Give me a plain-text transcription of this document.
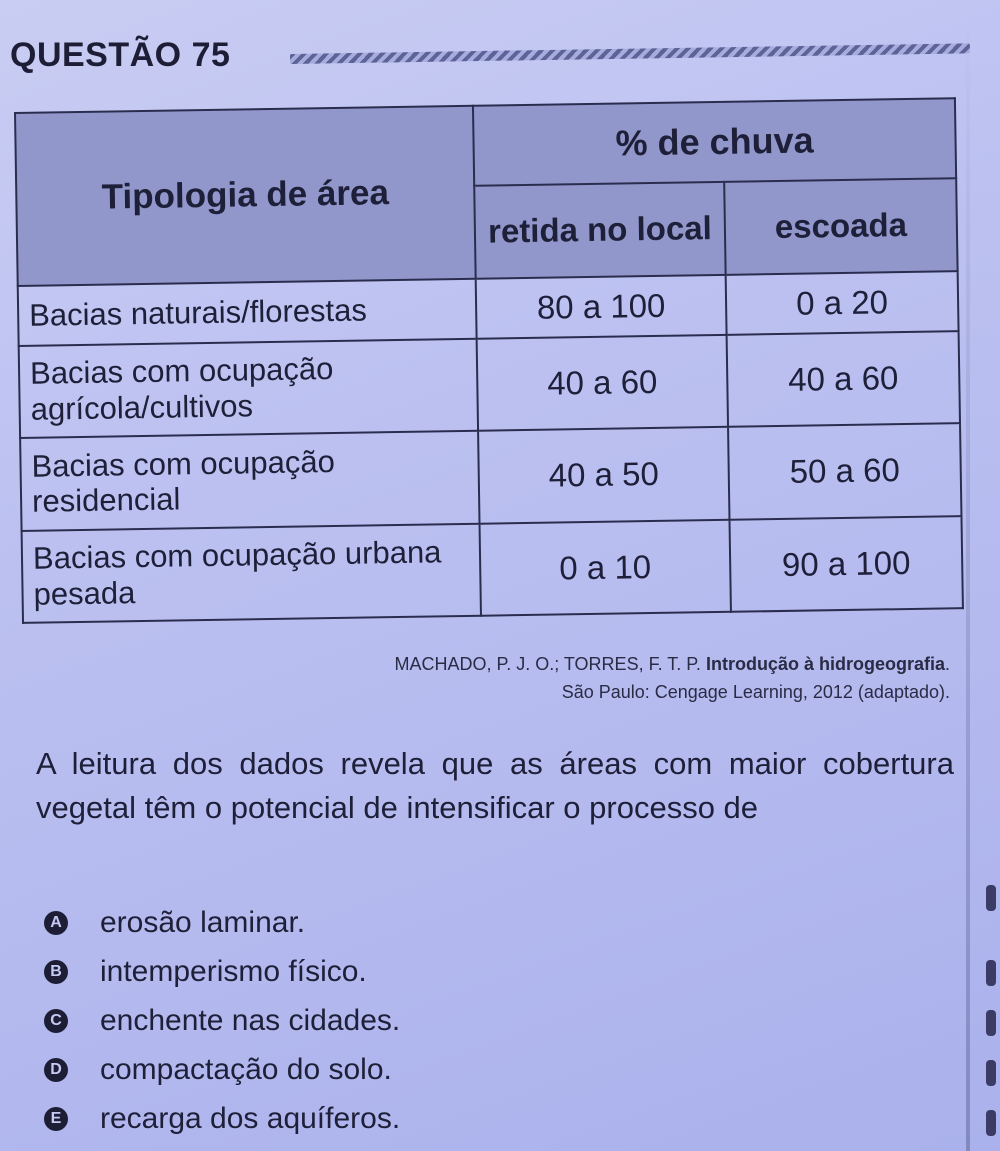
QUESTÃO 75
Tipologia de área	% de chuva	
	retida no local	escoada
Bacias naturais/florestas	80 a 100	0 a 20
Bacias com ocupação agrícola/cultivos	40 a 60	40 a 60
Bacias com ocupação residencial	40 a 50	50 a 60
Bacias com ocupação urbana pesada	0 a 10	90 a 100
MACHADO, P. J. O.; TORRES, F. T. P. Introdução à hidrogeografia.
São Paulo: Cengage Learning, 2012 (adaptado).
A leitura dos dados revela que as áreas com maior cobertura vegetal têm o potencial de intensificar o processo de
A erosão laminar.
B intemperismo físico.
C enchente nas cidades.
D compactação do solo.
E recarga dos aquíferos.
